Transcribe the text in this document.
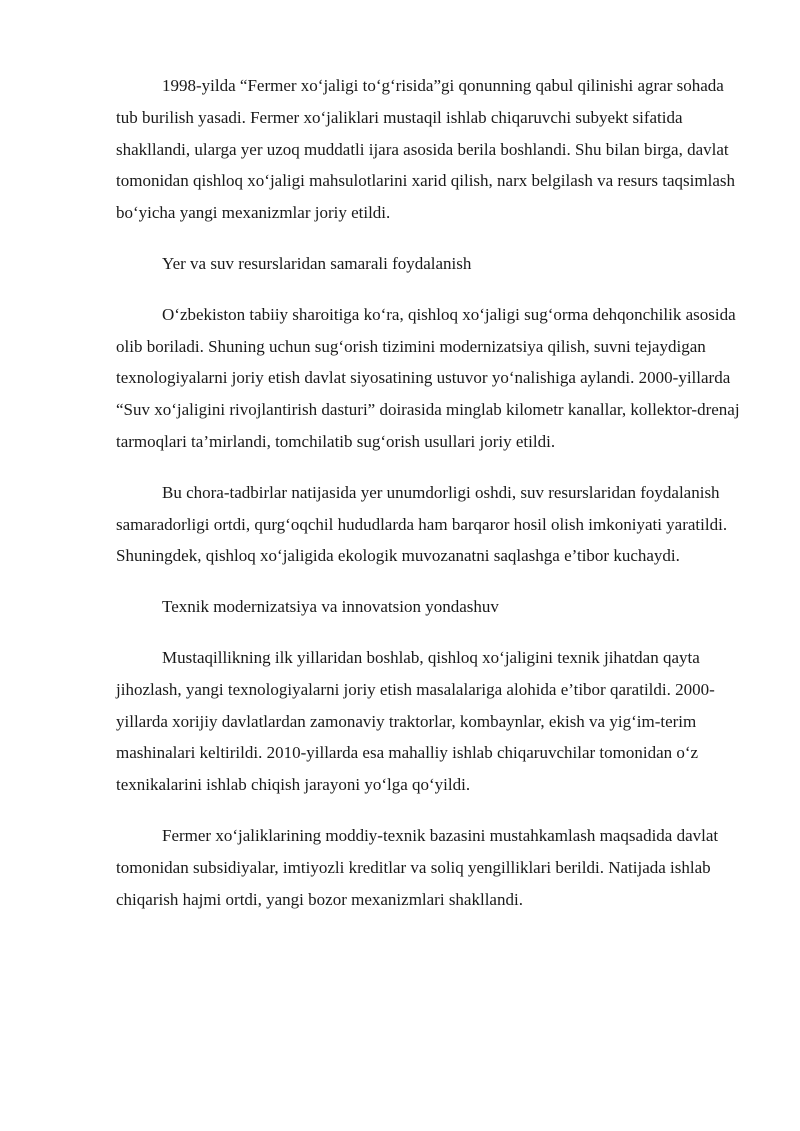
1998-yilda “Fermer xo‘jaligi to‘g‘risida”gi qonunning qabul qilinishi agrar sohada tub burilish yasadi. Fermer xo‘jaliklari mustaqil ishlab chiqaruvchi subyekt sifatida shakllandi, ularga yer uzoq muddatli ijara asosida berila boshlandi. Shu bilan birga, davlat tomonidan qishloq xo‘jaligi mahsulotlarini xarid qilish, narx belgilash va resurs taqsimlash bo‘yicha yangi mexanizmlar joriy etildi.

Yer va suv resurslaridan samarali foydalanish

O‘zbekiston tabiiy sharoitiga ko‘ra, qishloq xo‘jaligi sug‘orma dehqonchilik asosida olib boriladi. Shuning uchun sug‘orish tizimini modernizatsiya qilish, suvni tejaydigan texnologiyalarni joriy etish davlat siyosatining ustuvor yo‘nalishiga aylandi. 2000-yillarda “Suv xo‘jaligini rivojlantirish dasturi” doirasida minglab kilometr kanallar, kollektor-drenaj tarmoqlari ta’mirlandi, tomchilatib sug‘orish usullari joriy etildi.

Bu chora-tadbirlar natijasida yer unumdorligi oshdi, suv resurslaridan foydalanish samaradorligi ortdi, qurg‘oqchil hududlarda ham barqaror hosil olish imkoniyati yaratildi. Shuningdek, qishloq xo‘jaligida ekologik muvozanatni saqlashga e’tibor kuchaydi.

Texnik modernizatsiya va innovatsion yondashuv

Mustaqillikning ilk yillaridan boshlab, qishloq xo‘jaligini texnik jihatdan qayta jihozlash, yangi texnologiyalarni joriy etish masalalariga alohida e’tibor qaratildi. 2000-yillarda xorijiy davlatlardan zamonaviy traktorlar, kombaynlar, ekish va yig‘im-terim mashinalari keltirildi. 2010-yillarda esa mahalliy ishlab chiqaruvchilar tomonidan o‘z texnikalarini ishlab chiqish jarayoni yo‘lga qo‘yildi.

Fermer xo‘jaliklarining moddiy-texnik bazasini mustahkamlash maqsadida davlat tomonidan subsidiyalar, imtiyozli kreditlar va soliq yengilliklari berildi. Natijada ishlab chiqarish hajmi ortdi, yangi bozor mexanizmlari shakllandi.
